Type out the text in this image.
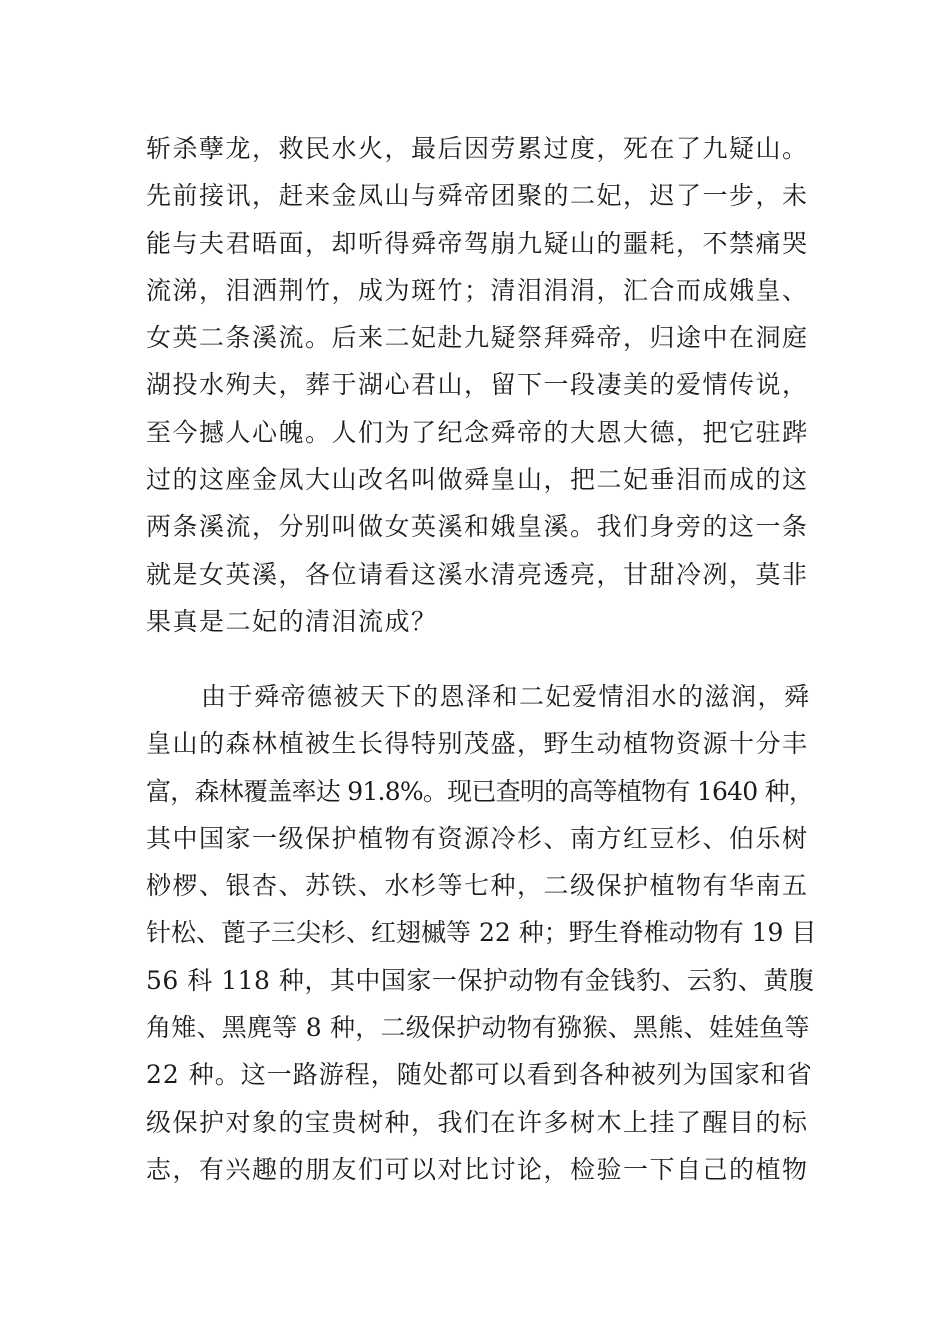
斩杀孽龙，救民水火，最后因劳累过度，死在了九疑山。
先前接讯，赶来金凤山与舜帝团聚的二妃，迟了一步，未
能与夫君晤面，却听得舜帝驾崩九疑山的噩耗，不禁痛哭
流涕，泪洒荆竹，成为斑竹；清泪涓涓，汇合而成娥皇、
女英二条溪流。后来二妃赴九疑祭拜舜帝，归途中在洞庭
湖投水殉夫，葬于湖心君山，留下一段凄美的爱情传说，
至今撼人心魄。人们为了纪念舜帝的大恩大德，把它驻跸
过的这座金凤大山改名叫做舜皇山，把二妃垂泪而成的这
两条溪流，分别叫做女英溪和娥皇溪。我们身旁的这一条
就是女英溪，各位请看这溪水清亮透亮，甘甜冷冽，莫非
果真是二妃的清泪流成？
由于舜帝德被天下的恩泽和二妃爱情泪水的滋润，舜
皇山的森林植被生长得特别茂盛，野生动植物资源十分丰
富，森林覆盖率达 91.8%。现已查明的高等植物有 1640 种，
其中国家一级保护植物有资源冷杉、南方红豆杉、伯乐树
桫椤、银杏、苏铁、水杉等七种，二级保护植物有华南五
针松、蓖子三尖杉、红翅槭等 22 种；野生脊椎动物有 19 目
56 科 118 种，其中国家一保护动物有金钱豹、云豹、黄腹
角雉、黑麂等 8 种，二级保护动物有猕猴、黑熊、娃娃鱼等
22 种。这一路游程，随处都可以看到各种被列为国家和省
级保护对象的宝贵树种，我们在许多树木上挂了醒目的标
志，有兴趣的朋友们可以对比讨论，检验一下自己的植物
